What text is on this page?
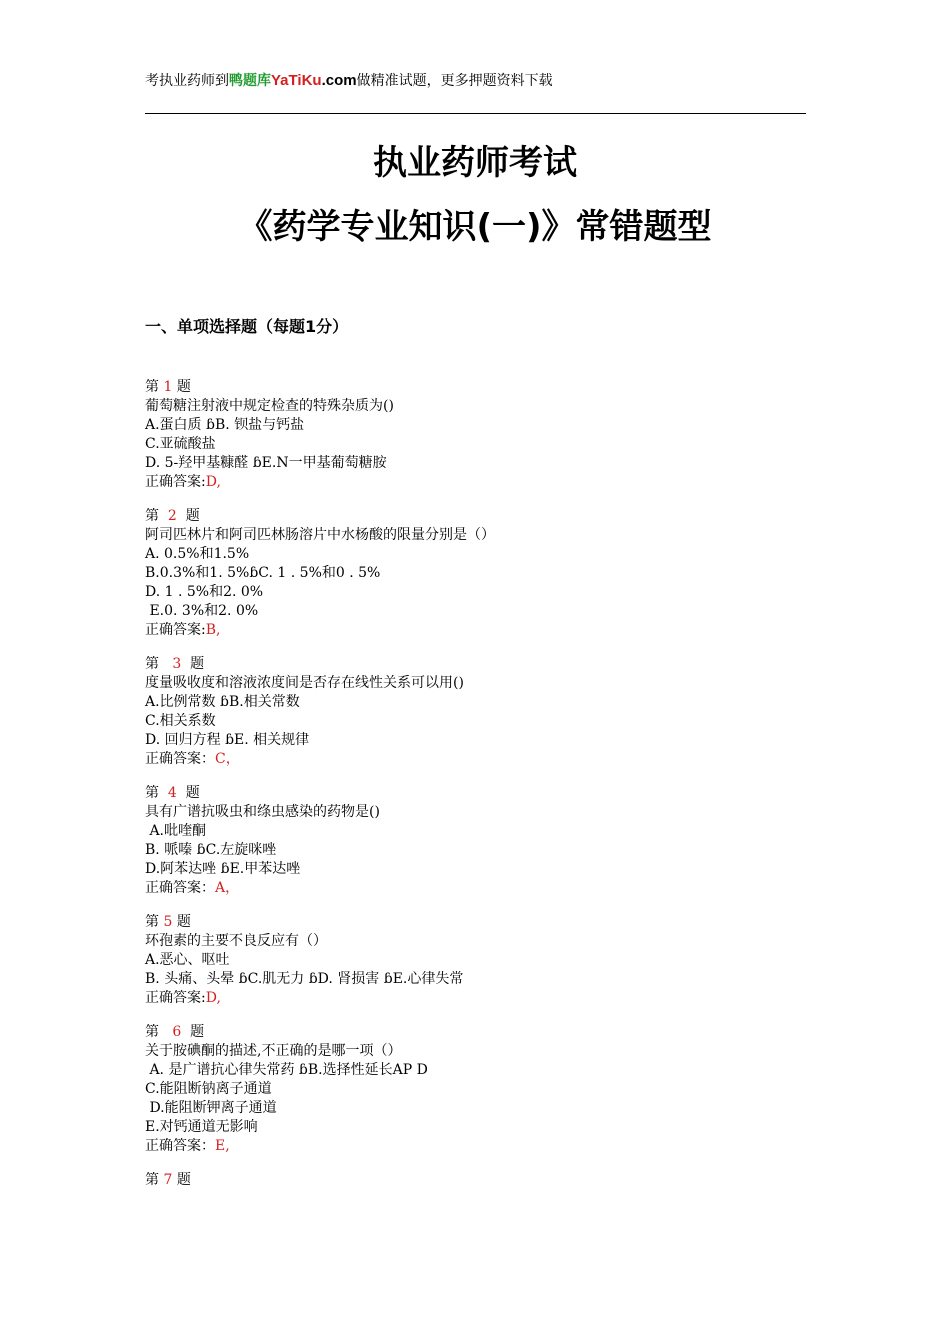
考执业药师到鸭题库YaTiKu.com做精准试题，更多押题资料下载
执业药师考试
《药学专业知识(一)》常错题型
一、单项选择题（每题1分）
第 1 题
葡萄糖注射液中规定检查的特殊杂质为()
A.蛋白质 ɓB. 钡盐与钙盐
C.亚硫酸盐
D. 5-羟甲基糠醛 ɓE.N一甲基葡萄糖胺
正确答案:D,
第  2  题
阿司匹林片和阿司匹林肠溶片中水杨酸的限量分别是（）
A. 0.5%和1.5%
B.0.3%和1. 5%ɓC. 1 . 5%和0 . 5%
D. 1 . 5%和2. 0%
E.0. 3%和2. 0%
正确答案:B,
第   3  题
度量吸收度和溶液浓度间是否存在线性关系可以用()
A.比例常数 ɓB.相关常数
C.相关系数
D. 回归方程 ɓE. 相关规律
正确答案：C，
第  4  题
具有广谱抗吸虫和绦虫感染的药物是()
A.吡喹酮
B. 哌嗪 ɓC.左旋咪唑
D.阿苯达唑 ɓE.甲苯达唑
正确答案：A，
第 5 题
环孢素的主要不良反应有（）
A.恶心、呕吐
B. 头痛、头晕 ɓC.肌无力 ɓD. 肾损害 ɓE.心律失常
正确答案:D,
第   6  题
关于胺碘酮的描述,不正确的是哪一项（）
A. 是广谱抗心律失常药 ɓB.选择性延长AP D
C.能阻断钠离子通道
D.能阻断钾离子通道
E.对钙通道无影响
正确答案：E,
第 7 题
